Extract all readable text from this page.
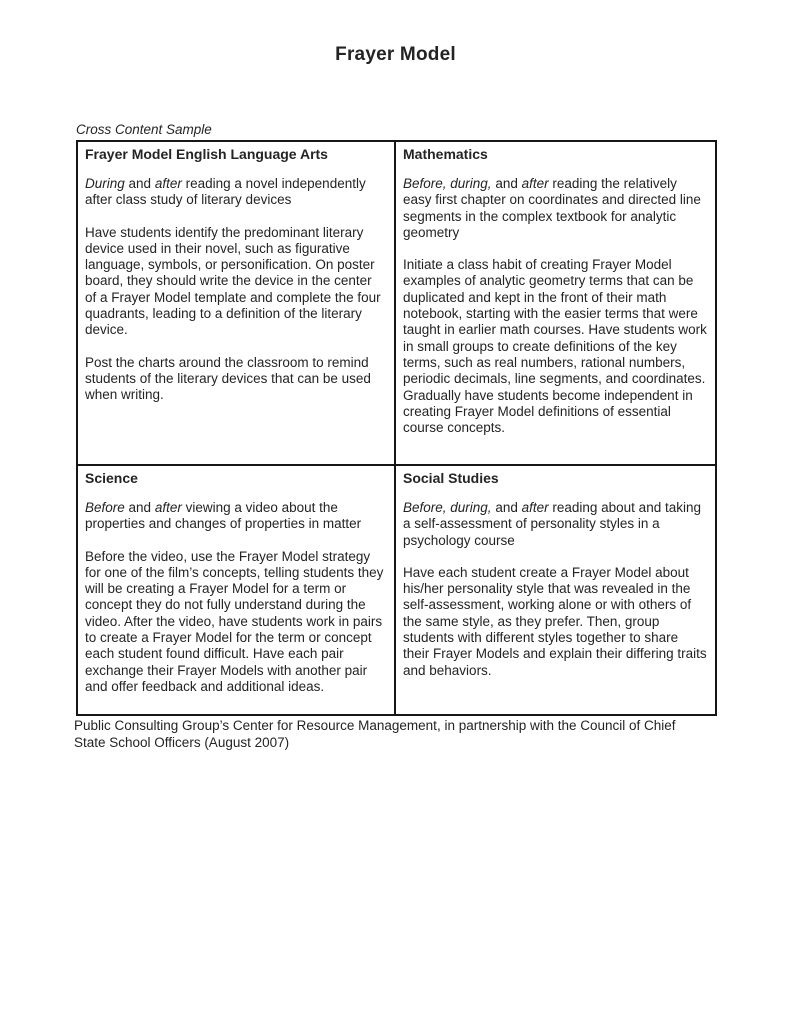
Frayer Model
Cross Content Sample
Frayer Model English Language Arts

During and after reading a novel independently after class study of literary devices

Have students identify the predominant literary device used in their novel, such as figurative language, symbols, or personification. On poster board, they should write the device in the center of a Frayer Model template and complete the four quadrants, leading to a definition of the literary device.

Post the charts around the classroom to remind students of the literary devices that can be used when writing.

Mathematics

Before, during, and after reading the relatively easy first chapter on coordinates and directed line segments in the complex textbook for analytic geometry

Initiate a class habit of creating Frayer Model examples of analytic geometry terms that can be duplicated and kept in the front of their math notebook, starting with the easier terms that were taught in earlier math courses. Have students work in small groups to create definitions of the key terms, such as real numbers, rational numbers, periodic decimals, line segments, and coordinates. Gradually have students become independent in creating Frayer Model definitions of essential course concepts.

Science

Before and after viewing a video about the properties and changes of properties in matter

Before the video, use the Frayer Model strategy for one of the film’s concepts, telling students they will be creating a Frayer Model for a term or concept they do not fully understand during the video. After the video, have students work in pairs to create a Frayer Model for the term or concept each student found difficult. Have each pair exchange their Frayer Models with another pair and offer feedback and additional ideas.

Social Studies

Before, during, and after reading about and taking a self-assessment of personality styles in a psychology course

Have each student create a Frayer Model about his/her personality style that was revealed in the self-assessment, working alone or with others of the same style, as they prefer. Then, group students with different styles together to share their Frayer Models and explain their differing traits and behaviors.

Public Consulting Group’s Center for Resource Management, in partnership with the Council of Chief State School Officers (August 2007)
